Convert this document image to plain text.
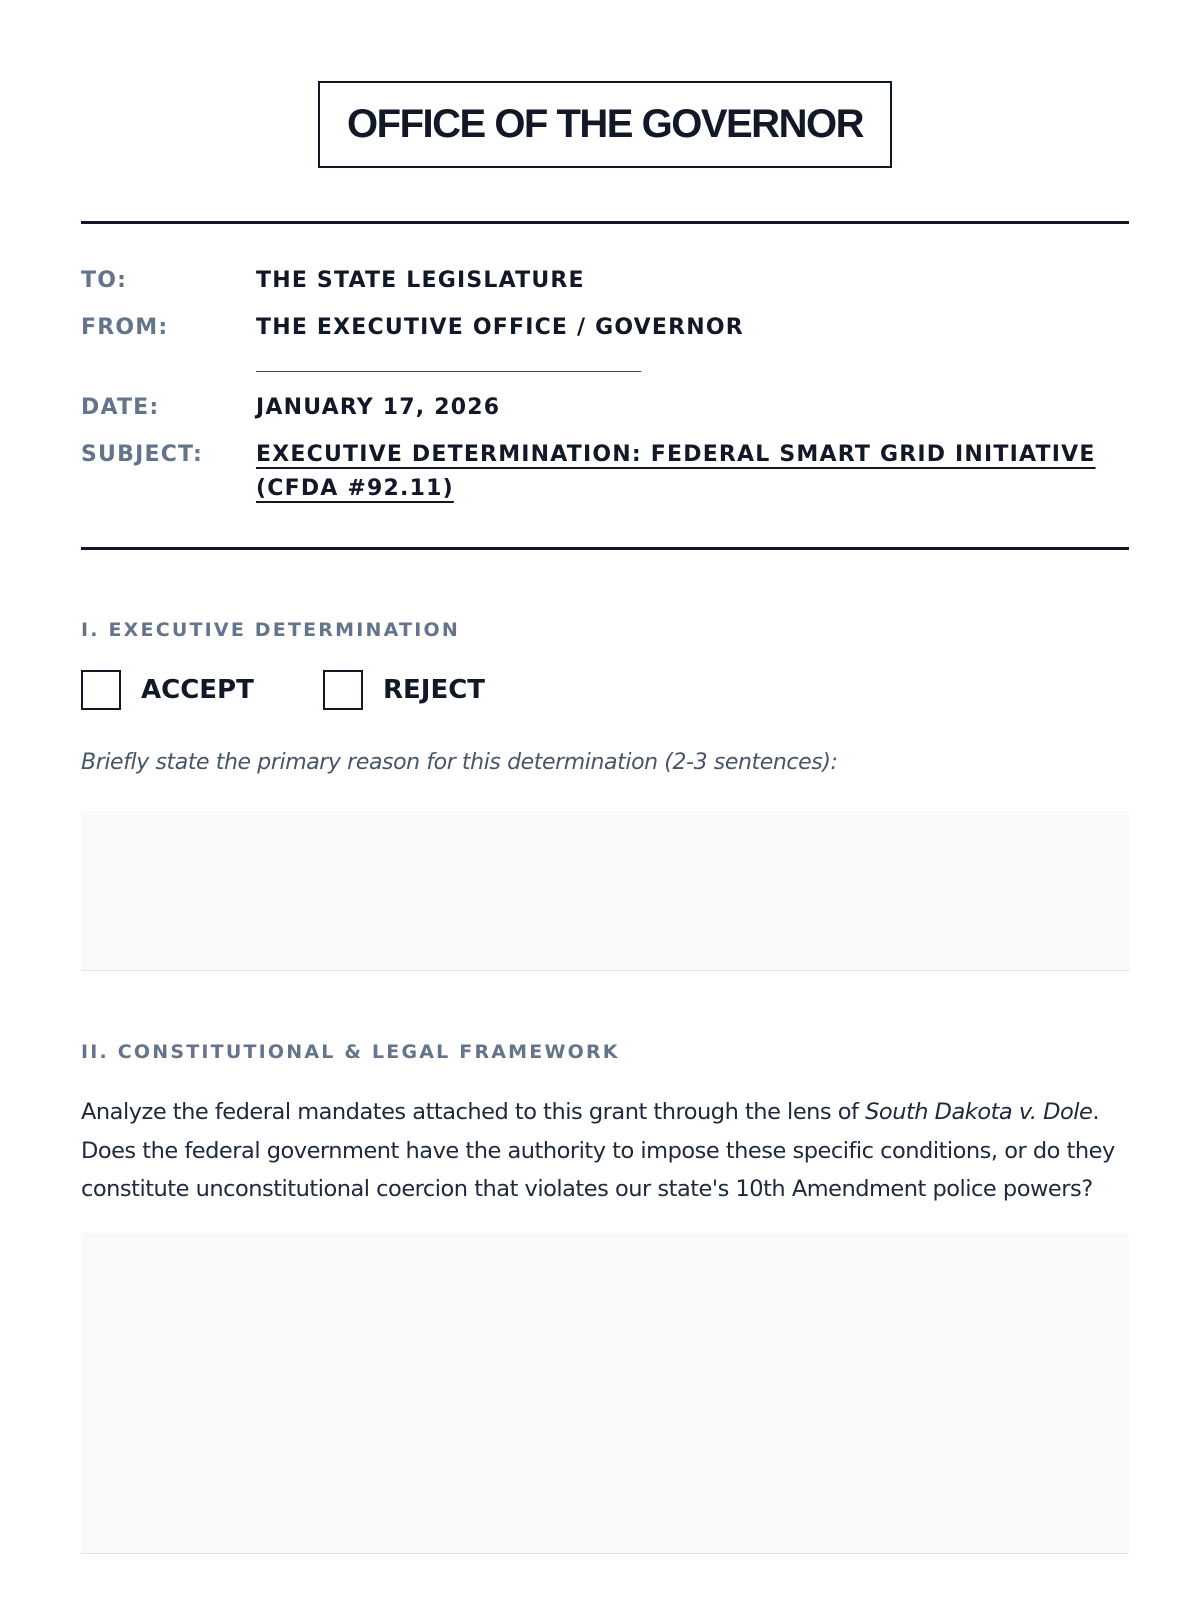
OFFICE OF THE GOVERNOR
TO:	THE STATE LEGISLATURE
FROM:	THE EXECUTIVE OFFICE / GOVERNOR
________________________________
DATE:	JANUARY 17, 2026
SUBJECT: EXECUTIVE DETERMINATION: FEDERAL SMART GRID INITIATIVE (CFDA #92.11)
I. EXECUTIVE DETERMINATION
ACCEPT	REJECT
Briefly state the primary reason for this determination (2-3 sentences):
II. CONSTITUTIONAL & LEGAL FRAMEWORK

Analyze the federal mandates attached to this grant through the lens of South Dakota v. Dole. Does the federal government have the authority to impose these specific conditions, or do they constitute unconstitutional coercion that violates our state's 10th Amendment police powers?
